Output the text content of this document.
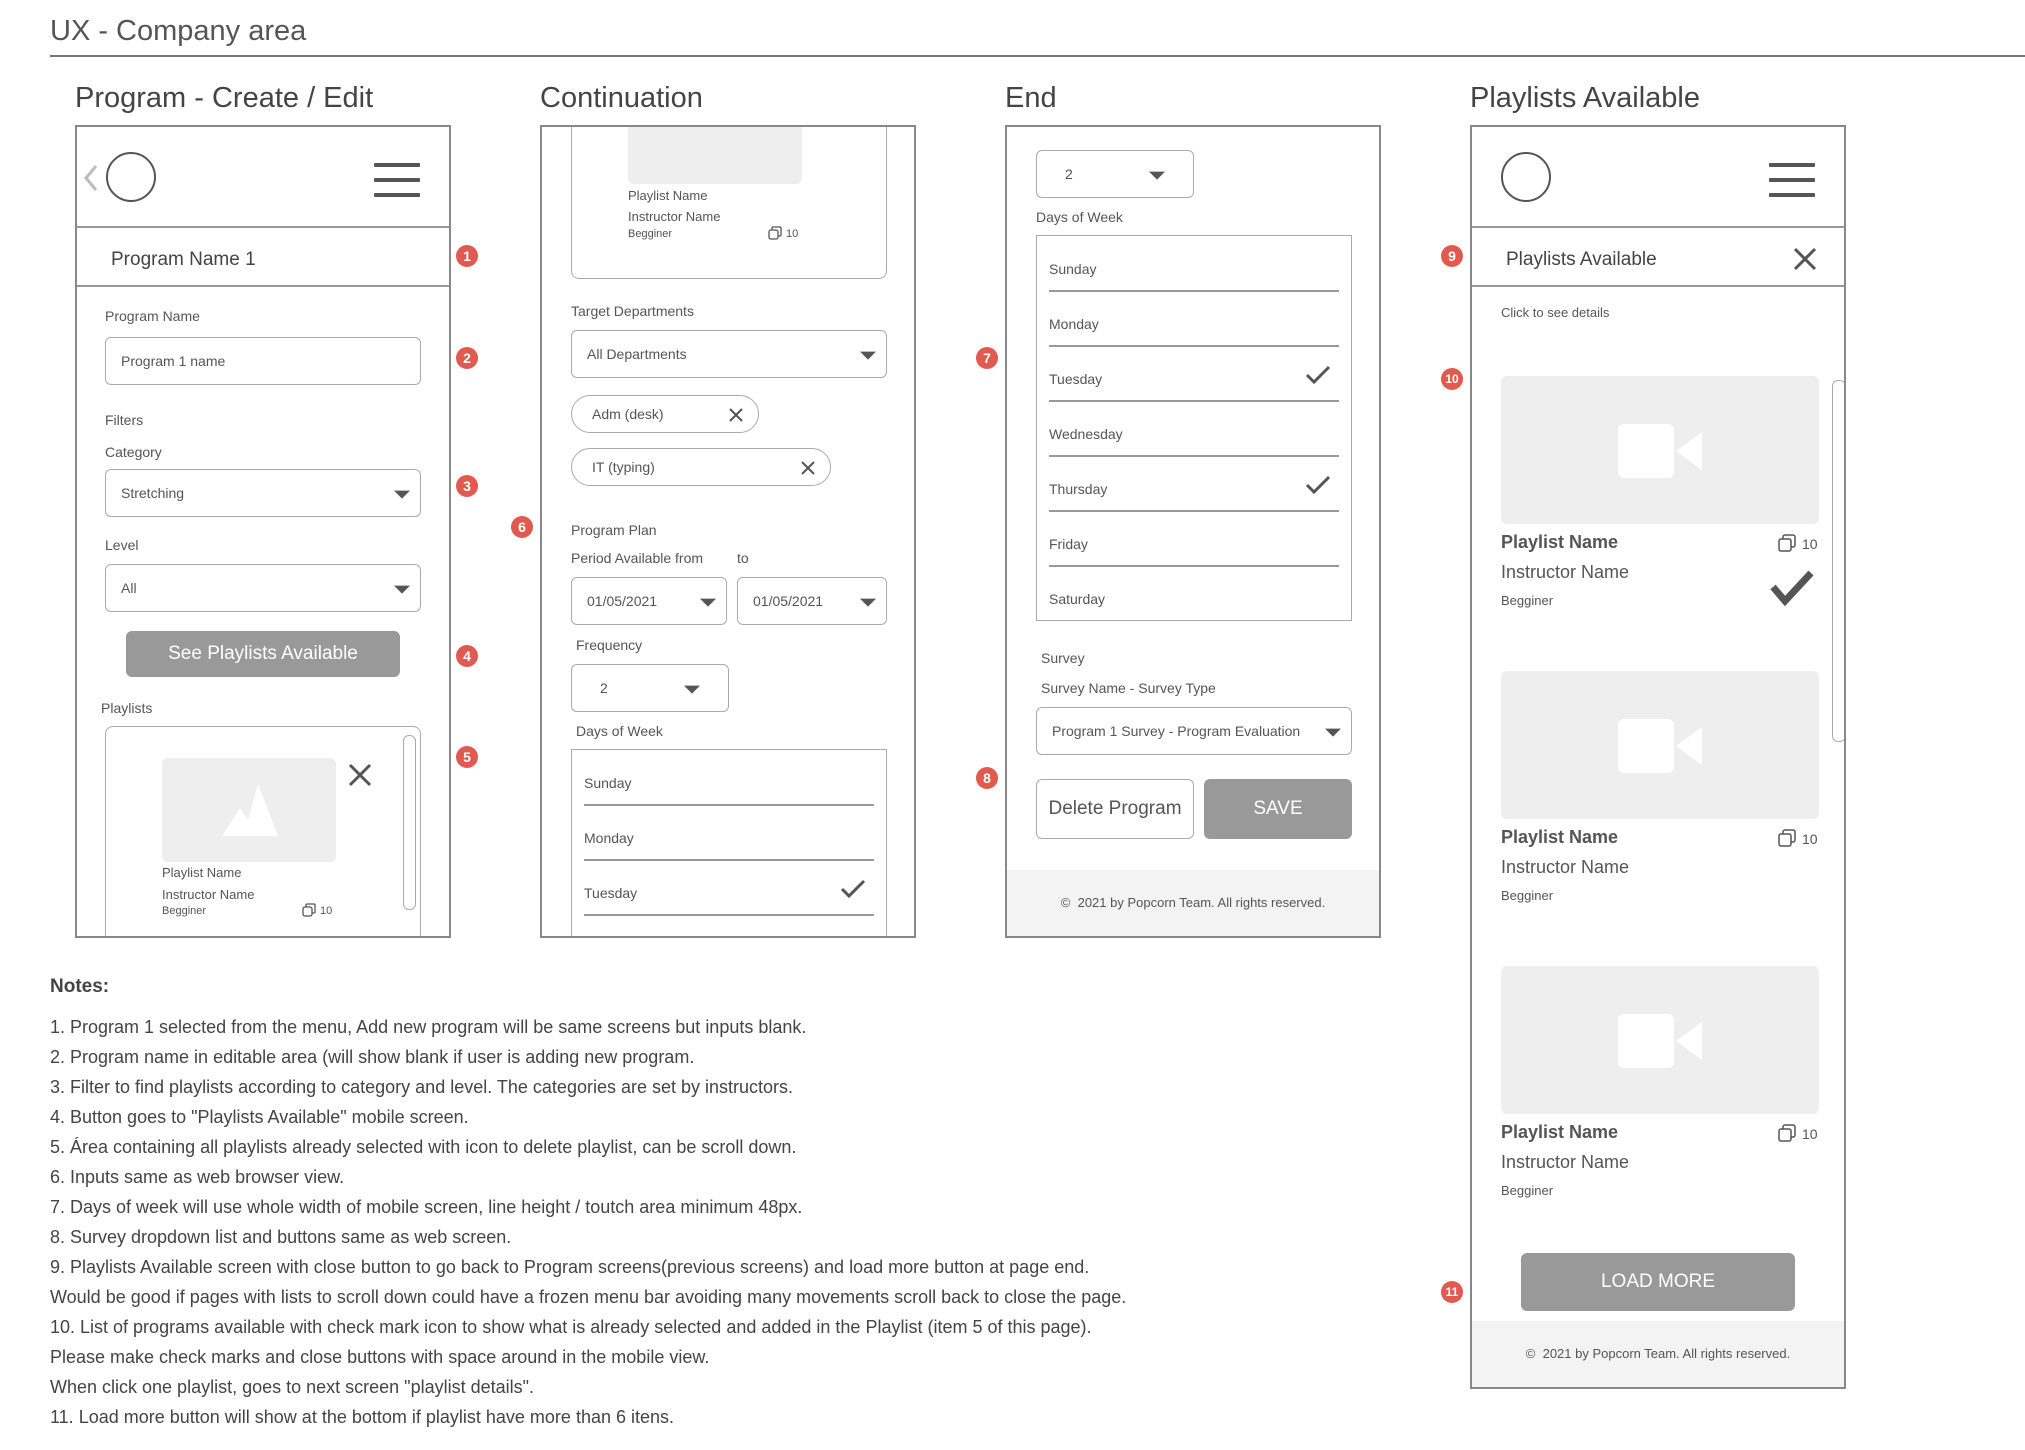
UX - Company area
Program - Create / Edit	Continuation	End	Playlists Available
Program Name 1
Program Name
Program 1 name
Filters
Category
Stretching
Level
All
See Playlists Available
Playlists
Playlist Name
Instructor Name
Begginer	10
Playlist Name
Instructor Name
Begginer	10
Target Departments
All Departments
Adm (desk)
IT (typing)
Program Plan
Period Available from to
01/05/2021	01/05/2021
Frequency
2
Days of Week
Sunday
Monday
Tuesday
2
Days of Week
Sunday
Monday
Tuesday
Wednesday
Thursday
Friday
Saturday
Survey
Survey Name - Survey Type
Program 1 Survey - Program Evaluation
Delete Program	SAVE
© 2021 by Popcorn Team. All rights reserved.
Playlists Available
Click to see details
Playlist Name	10
Instructor Name
Begginer
Playlist Name	10
Instructor Name
Begginer
Playlist Name	10
Instructor Name
Begginer
LOAD MORE
© 2021 by Popcorn Team. All rights reserved.
1
2
3
4
5
6
7
8
9
10
11
Notes:
1. Program 1 selected from the menu, Add new program will be same screens but inputs blank.
2. Program name in editable area (will show blank if user is adding new program.
3. Filter to find playlists according to category and level. The categories are set by instructors.
4. Button goes to "Playlists Available" mobile screen.
5. Área containing all playlists already selected with icon to delete playlist, can be scroll down.
6. Inputs same as web browser view.
7. Days of week will use whole width of mobile screen, line height / toutch area minimum 48px.
8. Survey dropdown list and buttons same as web screen.
9. Playlists Available screen with close button to go back to Program screens(previous screens) and load more button at page end.
Would be good if pages with lists to scroll down could have a frozen menu bar avoiding many movements scroll back to close the page.
10. List of programs available with check mark icon to show what is already selected and added in the Playlist (item 5 of this page).
Please make check marks and close buttons with space around in the mobile view.
When click one playlist, goes to next screen "playlist details".
11. Load more button will show at the bottom if playlist have more than 6 itens.
